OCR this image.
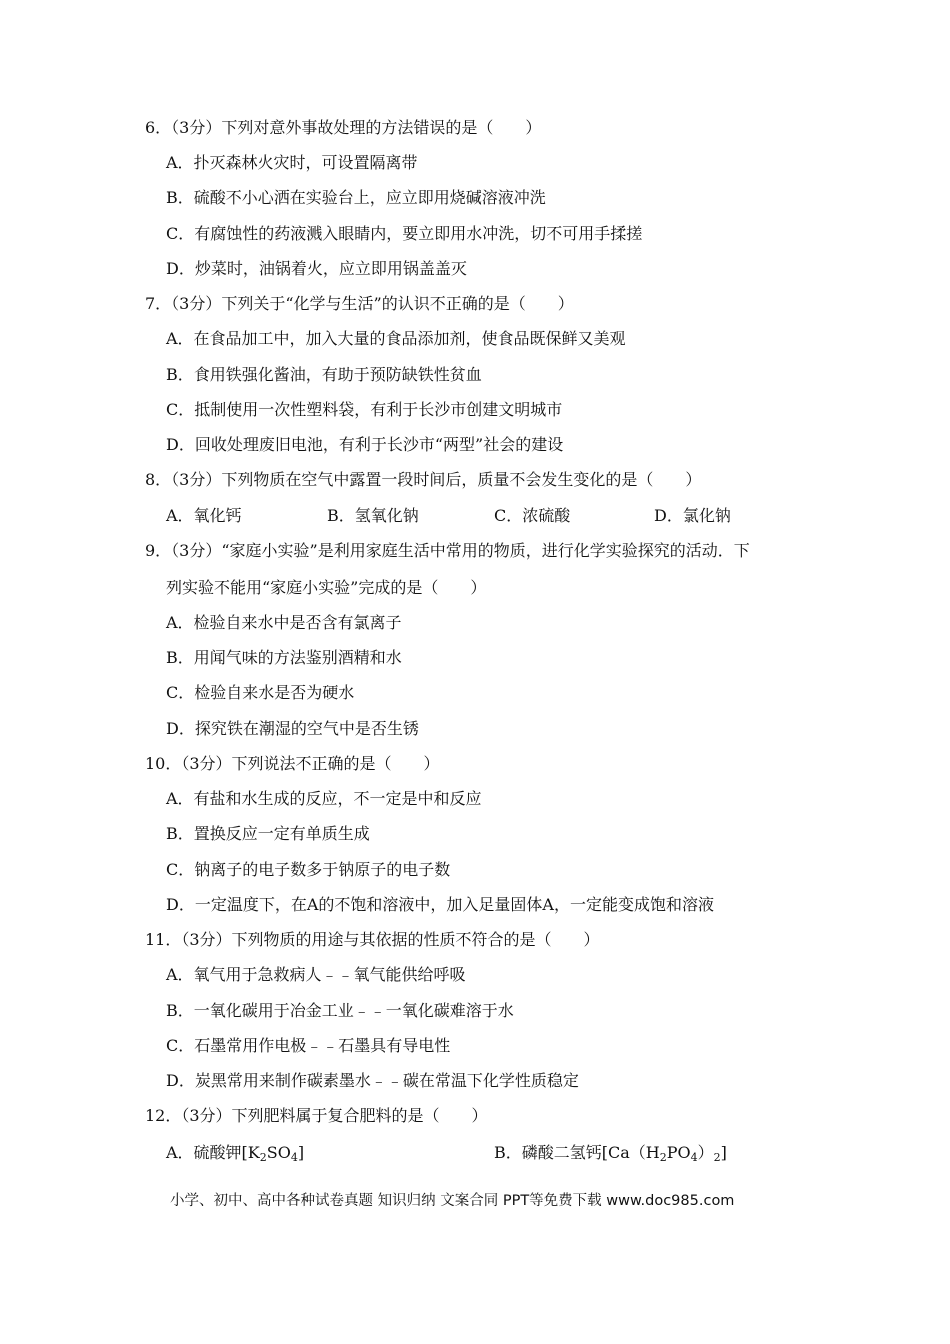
6．（3分）下列对意外事故处理的方法错误的是（　　）
A．扑灭森林火灾时，可设置隔离带
B．硫酸不小心洒在实验台上，应立即用烧碱溶液冲洗
C．有腐蚀性的药液溅入眼睛内，要立即用水冲洗，切不可用手揉搓
D．炒菜时，油锅着火，应立即用锅盖盖灭
7．（3分）下列关于“化学与生活”的认识不正确的是（　　）
A．在食品加工中，加入大量的食品添加剂，使食品既保鲜又美观
B．食用铁强化酱油，有助于预防缺铁性贫血
C．抵制使用一次性塑料袋，有利于长沙市创建文明城市
D．回收处理废旧电池，有利于长沙市“两型”社会的建设
8．（3分）下列物质在空气中露置一段时间后，质量不会发生变化的是（　　）
A．氧化钙	B．氢氧化钠	C．浓硫酸	D．氯化钠
9．（3分）“家庭小实验”是利用家庭生活中常用的物质，进行化学实验探究的活动．下
列实验不能用“家庭小实验”完成的是（　　）
A．检验自来水中是否含有氯离子
B．用闻气味的方法鉴别酒精和水
C．检验自来水是否为硬水
D．探究铁在潮湿的空气中是否生锈
10．（3分）下列说法不正确的是（　　）
A．有盐和水生成的反应，不一定是中和反应
B．置换反应一定有单质生成
C．钠离子的电子数多于钠原子的电子数
D．一定温度下，在A的不饱和溶液中，加入足量固体A，一定能变成饱和溶液
11．（3分）下列物质的用途与其依据的性质不符合的是（　　）
A．氧气用于急救病人﹣﹣氧气能供给呼吸
B．一氧化碳用于冶金工业﹣﹣一氧化碳难溶于水
C．石墨常用作电极﹣﹣石墨具有导电性
D．炭黑常用来制作碳素墨水﹣﹣碳在常温下化学性质稳定
12．（3分）下列肥料属于复合肥料的是（　　）
A．硫酸钾$[K_2SO_4]$	B．磷酸二氢钙$[Ca(H_2PO_4)_2]$
小学、初中、高中各种试卷真题 知识归纳 文案合同 PPT等免费下载 www.doc985.com
